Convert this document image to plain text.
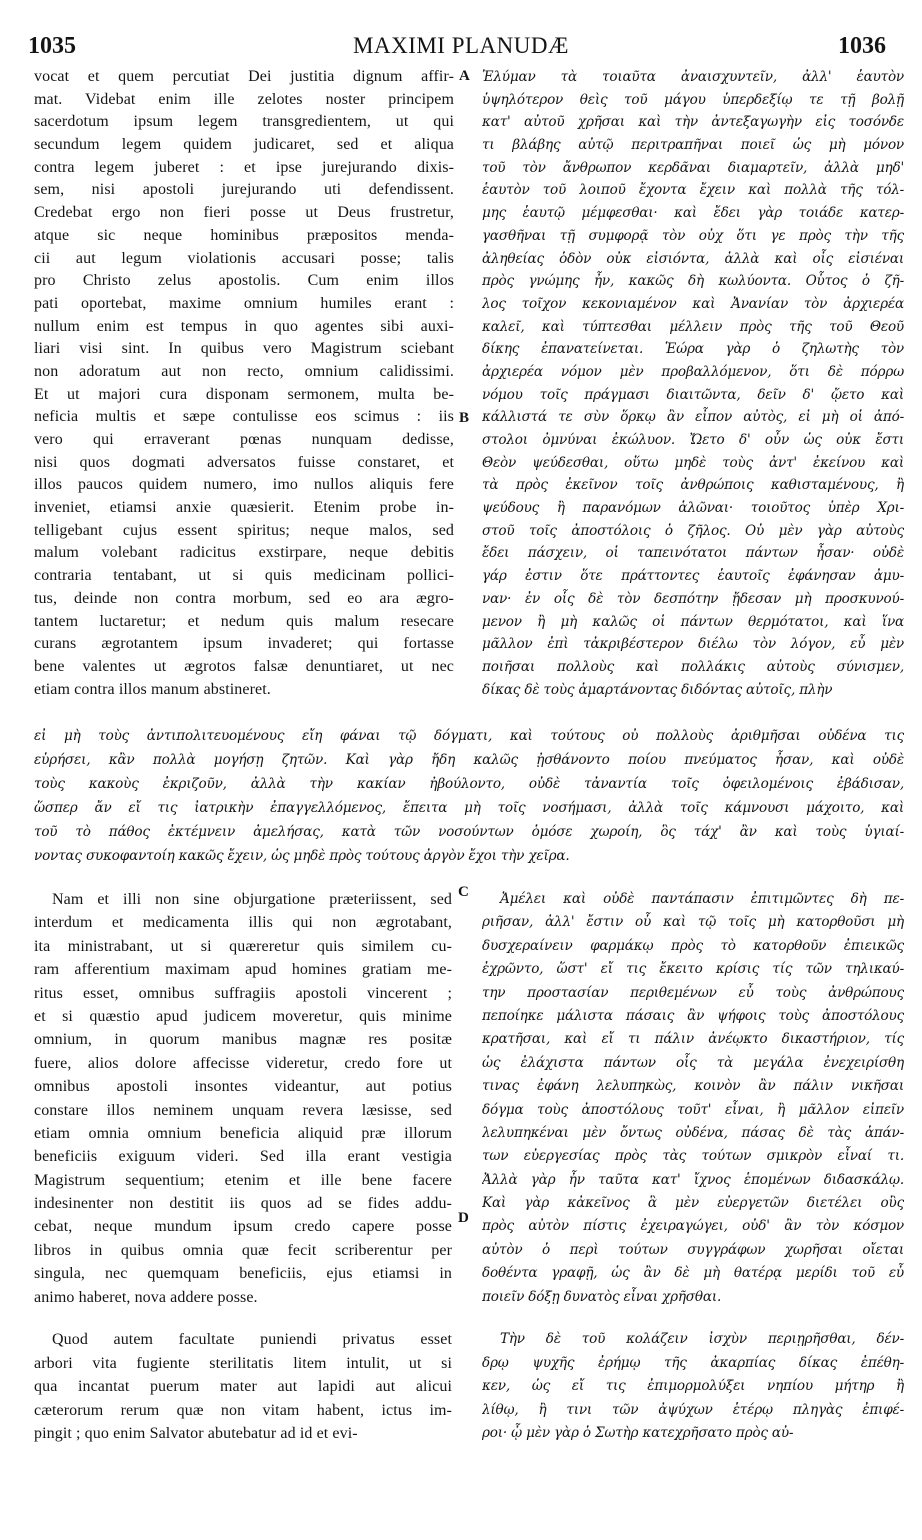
1035	MAXIMI PLANUDÆ	1036
A
B
C
D
vocat et quem percutiat Dei justitia dignum affir-
mat. Videbat enim ille zelotes noster principem
sacerdotum ipsum legem transgredientem, ut qui
secundum legem quidem judicaret, sed et aliqua
contra legem juberet : et ipse jurejurando dixis-
sem, nisi apostoli jurejurando uti defendissent.
Credebat ergo non fieri posse ut Deus frustretur,
atque sic neque hominibus præpositos menda-
cii aut legum violationis accusari posse; talis
pro Christo zelus apostolis. Cum enim illos
pati oportebat, maxime omnium humiles erant :
nullum enim est tempus in quo agentes sibi auxi-
liari visi sint. In quibus vero Magistrum sciebant
non adoratum aut non recto, omnium calidissimi.
Et ut majori cura disponam sermonem, multa be-
neficia multis et sæpe contulisse eos scimus : iis
vero qui erraverant pœnas nunquam dedisse,
nisi quos dogmati adversatos fuisse constaret, et
illos paucos quidem numero, imo nullos aliquis fere
inveniet, etiamsi anxie quæsierit. Etenim probe in-
telligebant cujus essent spiritus; neque malos, sed
malum volebant radicitus exstirpare, neque debitis
contraria tentabant, ut si quis medicinam pollici-
tus, deinde non contra morbum, sed eo ara ægro-
tantem luctaretur; et nedum quis malum resecare
curans ægrotantem ipsum invaderet; qui fortasse
bene valentes ut ægrotos falsæ denuntiaret, ut nec
etiam contra illos manum abstineret.
Ἐλύμαν τὰ τοιαῦτα ἀναισχυντεῖν, ἀλλ' ἑαυτὸν
ὑψηλότερον θεὶς τοῦ μάγου ὑπερδεξίῳ τε τῇ βολῇ
κατ' αὐτοῦ χρῆσαι καὶ τὴν ἀντεξαγωγὴν εἰς τοσόνδε
τι βλάβης αὐτῷ περιτραπῆναι ποιεῖ ὡς μὴ μόνον
τοῦ τὸν ἄνθρωπον κερδᾶναι διαμαρτεῖν, ἀλλὰ μηδ'
ἑαυτὸν τοῦ λοιποῦ ἔχοντα ἔχειν καὶ πολλὰ τῆς τόλ-
μης ἑαυτῷ μέμφεσθαι· καὶ ἔδει γὰρ τοιάδε κατερ-
γασθῆναι τῇ συμφορᾷ τὸν οὐχ ὅτι γε πρὸς τὴν τῆς
ἀληθείας ὁδὸν οὐκ εἰσιόντα, ἀλλὰ καὶ οἷς εἰσιέναι
πρὸς γνώμης ἦν, κακῶς δὴ κωλύοντα. Οὗτος ὁ ζῆ-
λος τοῖχον κεκονιαμένον καὶ Ἀνανίαν τὸν ἀρχιερέα
καλεῖ, καὶ τύπτεσθαι μέλλειν πρὸς τῆς τοῦ Θεοῦ
δίκης ἐπανατείνεται. Ἑώρα γὰρ ὁ ζηλωτὴς τὸν
ἀρχιερέα νόμον μὲν προβαλλόμενον, ὅτι δὲ πόρρω
νόμου τοῖς πράγμασι διαιτῶντα, δεῖν δ' ᾤετο καὶ
κάλλιστά τε σὺν ὅρκῳ ἂν εἶπον αὐτὸς, εἰ μὴ οἱ ἀπό-
στολοι ὀμνύναι ἐκώλυον. Ὤετο δ' οὖν ὡς οὐκ ἔστι
Θεὸν ψεύδεσθαι, οὕτω μηδὲ τοὺς ἀντ' ἐκείνου καὶ
τὰ πρὸς ἐκεῖνον τοῖς ἀνθρώποις καθισταμένους, ἢ
ψεύδους ἢ παρανόμων ἁλῶναι· τοιοῦτος ὑπὲρ Χρι-
στοῦ τοῖς ἀποστόλοις ὁ ζῆλος. Οὐ μὲν γὰρ αὐτοὺς
ἔδει πάσχειν, οἱ ταπεινότατοι πάντων ἦσαν· οὐδὲ
γάρ ἐστιν ὅτε πράττοντες ἑαυτοῖς ἐφάνησαν ἀμυ-
ναν· ἐν οἷς δὲ τὸν δεσπότην ᾔδεσαν μὴ προσκυνού-
μενον ἢ μὴ καλῶς οἱ πάντων θερμότατοι, καὶ ἵνα
μᾶλλον ἐπὶ τἀκριβέστερον διέλω τὸν λόγον, εὖ μὲν
ποιῆσαι πολλοὺς καὶ πολλάκις αὐτοὺς σύνισμεν,
δίκας δὲ τοὺς ἁμαρτάνοντας διδόντας αὐτοῖς, πλὴν
εἰ μὴ τοὺς ἀντιπολιτευομένους εἴη φάναι τῷ δόγματι, καὶ τούτους οὐ πολλοὺς ἀριθμῆσαι οὐδένα τις
εὑρήσει, κἂν πολλὰ μογήσῃ ζητῶν. Καὶ γὰρ ἤδη καλῶς ᾐσθάνοντο ποίου πνεύματος ἦσαν, καὶ οὐδὲ
τοὺς κακοὺς ἐκριζοῦν, ἀλλὰ τὴν κακίαν ἠβούλοντο, οὐδὲ τἀναντία τοῖς ὀφειλομένοις ἐβάδισαν,
ὥσπερ ἄν εἴ τις ἰατρικὴν ἐπαγγελλόμενος, ἔπειτα μὴ τοῖς νοσήμασι, ἀλλὰ τοῖς κάμνουσι μάχοιτο, καὶ
τοῦ τὸ πάθος ἐκτέμνειν ἀμελήσας, κατὰ τῶν νοσούντων ὁμόσε χωροίη, ὃς τάχ' ἂν καὶ τοὺς ὑγιαί-
νοντας συκοφαντοίη κακῶς ἔχειν, ὡς μηδὲ πρὸς τούτους ἀργὸν ἔχοι τὴν χεῖρα.
Nam et illi non sine objurgatione præteriissent, sed
interdum et medicamenta illis qui non ægrotabant,
ita ministrabant, ut si quæreretur quis similem cu-
ram afferentium maximam apud homines gratiam me-
ritus esset, omnibus suffragiis apostoli vincerent ;
et si quæstio apud judicem moveretur, quis minime
omnium, in quorum manibus magnæ res positæ
fuere, alios dolore affecisse videretur, credo fore ut
omnibus apostoli insontes videantur, aut potius
constare illos neminem unquam revera læsisse, sed
etiam omnia omnium beneficia aliquid præ illorum
beneficiis exiguum videri. Sed illa erant vestigia
Magistrum sequentium; etenim et ille bene facere
indesinenter non destitit iis quos ad se fides addu-
cebat, neque mundum ipsum credo capere posse
libros in quibus omnia quæ fecit scriberentur per
singula, nec quemquam beneficiis, ejus etiamsi in
animo haberet, nova addere posse.
Ἀμέλει καὶ οὐδὲ παντάπασιν ἐπιτιμῶντες δὴ πε-
ριῆσαν, ἀλλ' ἔστιν οὗ καὶ τῷ τοῖς μὴ κατορθοῦσι μὴ
δυσχεραίνειν φαρμάκῳ πρὸς τὸ κατορθοῦν ἐπιεικῶς
ἐχρῶντο, ὥστ' εἴ τις ἔκειτο κρίσις τίς τῶν τηλικαύ-
την προστασίαν περιθεμένων εὖ τοὺς ἀνθρώπους
πεποίηκε μάλιστα πάσαις ἂν ψήφοις τοὺς ἀποστόλους
κρατῆσαι, καὶ εἴ τι πάλιν ἀνέῳκτο δικαστήριον, τίς
ὡς ἐλάχιστα πάντων οἷς τὰ μεγάλα ἐνεχειρίσθη
τινας ἐφάνη λελυπηκὼς, κοινὸν ἂν πάλιν νικῆσαι
δόγμα τοὺς ἀποστόλους τοῦτ' εἶναι, ἢ μᾶλλον εἰπεῖν
λελυπηκέναι μὲν ὄντως οὐδένα, πάσας δὲ τὰς ἁπάν-
των εὐεργεσίας πρὸς τὰς τούτων σμικρὸν εἶναί τι.
Ἀλλὰ γὰρ ἦν ταῦτα κατ' ἴχνος ἑπομένων διδασκάλῳ.
Καὶ γὰρ κἀκεῖνος ἃ μὲν εὐεργετῶν διετέλει οὓς
πρὸς αὐτὸν πίστις ἐχειραγώγει, οὐδ' ἂν τὸν κόσμον
αὐτὸν ὁ περὶ τούτων συγγράφων χωρῆσαι οἴεται
δοθέντα γραφῇ, ὡς ἂν δὲ μὴ θατέρᾳ μερίδι τοῦ εὖ
ποιεῖν δόξῃ δυνατὸς εἶναι χρῆσθαι.
Quod autem facultate puniendi privatus esset
arbori vita fugiente sterilitatis litem intulit, ut si
qua incantat puerum mater aut lapidi aut alicui
cæterorum rerum quæ non vitam habent, ictus im-
pingit ; quo enim Salvator abutebatur ad id et evi-
Τὴν δὲ τοῦ κολάζειν ἰσχὺν περιῃρῆσθαι, δέν-
δρῳ ψυχῆς ἐρήμῳ τῆς ἀκαρπίας δίκας ἐπέθη-
κεν, ὡς εἴ τις ἐπιμορμολύξει νηπίου μήτηρ ἢ
λίθῳ, ἢ τινι τῶν ἀψύχων ἑτέρῳ πληγὰς ἐπιφέ-
ροι· ᾧ μὲν γὰρ ὁ Σωτὴρ κατεχρῆσατο πρὸς αὐ-
